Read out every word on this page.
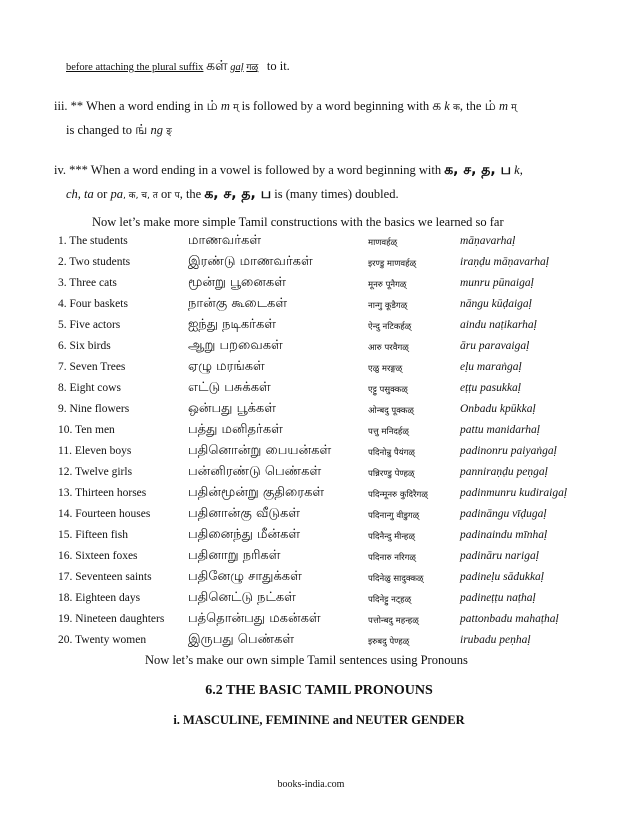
before attaching the plural suffix கள் gaḷ गळ् to it.
iii. ** When a word ending in ம் m म् is followed by a word beginning with க k क, the ம் m म्
is changed to ங் ng ङ्
iv. *** When a word ending in a vowel is followed by a word beginning with க, ச, த, ப k,
ch, ta or pa, क, च, त or प, the க, ச, த, ப is (many times) doubled.
Now let’s make more simple Tamil constructions with the basics we learned so far
1. The students	மாணவர்கள்	माणवर्हळ्	māṇavarhaḷ
2. Two students	இரண்டு மாணவர்கள்	इरण्डु माणवर्हळ्	iraṇḍu māṇavarhaḷ
3. Three cats	மூன்று பூனைகள்	मूनरु पूनैगळ्	munru pūnaigaḷ
4. Four baskets	நான்கு கூடைகள்	नान्गु कूडैगळ्	nāngu kūḍaigaḷ
5. Five actors	ஐந்து நடிகர்கள்	ऐन्दु नटिकर्हळ्	aindu naṭikarhaḷ
6. Six birds	ஆறு பறவைகள்	आरु परवैगळ्	āru paravaigaḷ
7. Seven Trees	ஏழு மரங்கள்	एळु मरङ्गळ्	eḷu maraṅgaḷ
8. Eight cows	எட்டு பசுக்கள்	एट्टु पसुक्कळ्	eṭṭu pasukkaḷ
9. Nine flowers	ஒன்பது பூக்கள்	ओन्बदु पूक्कळ्	Onbadu kpūkkaḷ
10. Ten men	பத்து மனிதர்கள்	पत्तु मनिदर्हळ्	pattu manidarhaḷ
11. Eleven boys	பதினொன்று பையன்கள்	पदिनोन्रु पैयंगळ्	padinonru paiyaṅgaḷ
12. Twelve girls	பன்னிரண்டு பெண்கள்	पन्निरण्डु पेण्हळ्	panniraṇḍu peṇgaḷ
13. Thirteen horses	பதின்மூன்று குதிரைகள்	पदिन्मूनरु कुदिरैगळ्	padinmunru kudiraigaḷ
14. Fourteen houses	பதினான்கு வீடுகள்	पदिनान्गु वीडुगळ्	padināngu vīḍugaḷ
15. Fifteen fish	பதினைந்து மீன்கள்	पदिनैन्दु मीन्हळ्	padinaindu mīnhaḷ
16. Sixteen foxes	பதினாறு நரிகள்	पदिनारु नरिगळ्	padināru narigaḷ
17. Seventeen saints	பதினேழு சாதுக்கள்	पदिनेळु सादुक्कळ्	padineḷu sādukkaḷ
18. Eighteen days	பதினெட்டு நட்கள்	पदिनेट्टु नट्हळ्	padineṭṭu naṭhaḷ
19. Nineteen daughters பத்தொன்பது மகன்கள்	पत्तोन्बदु महन्हळ्	pattonbadu mahaṭhaḷ
20. Twenty women	இருபது பெண்கள்	इरुबदु पेण्हळ्	irubadu peṇhaḷ
Now let’s make our own simple Tamil sentences using Pronouns
6.2 THE BASIC TAMIL PRONOUNS
i. MASCULINE, FEMININE and NEUTER GENDER
books-india.com
